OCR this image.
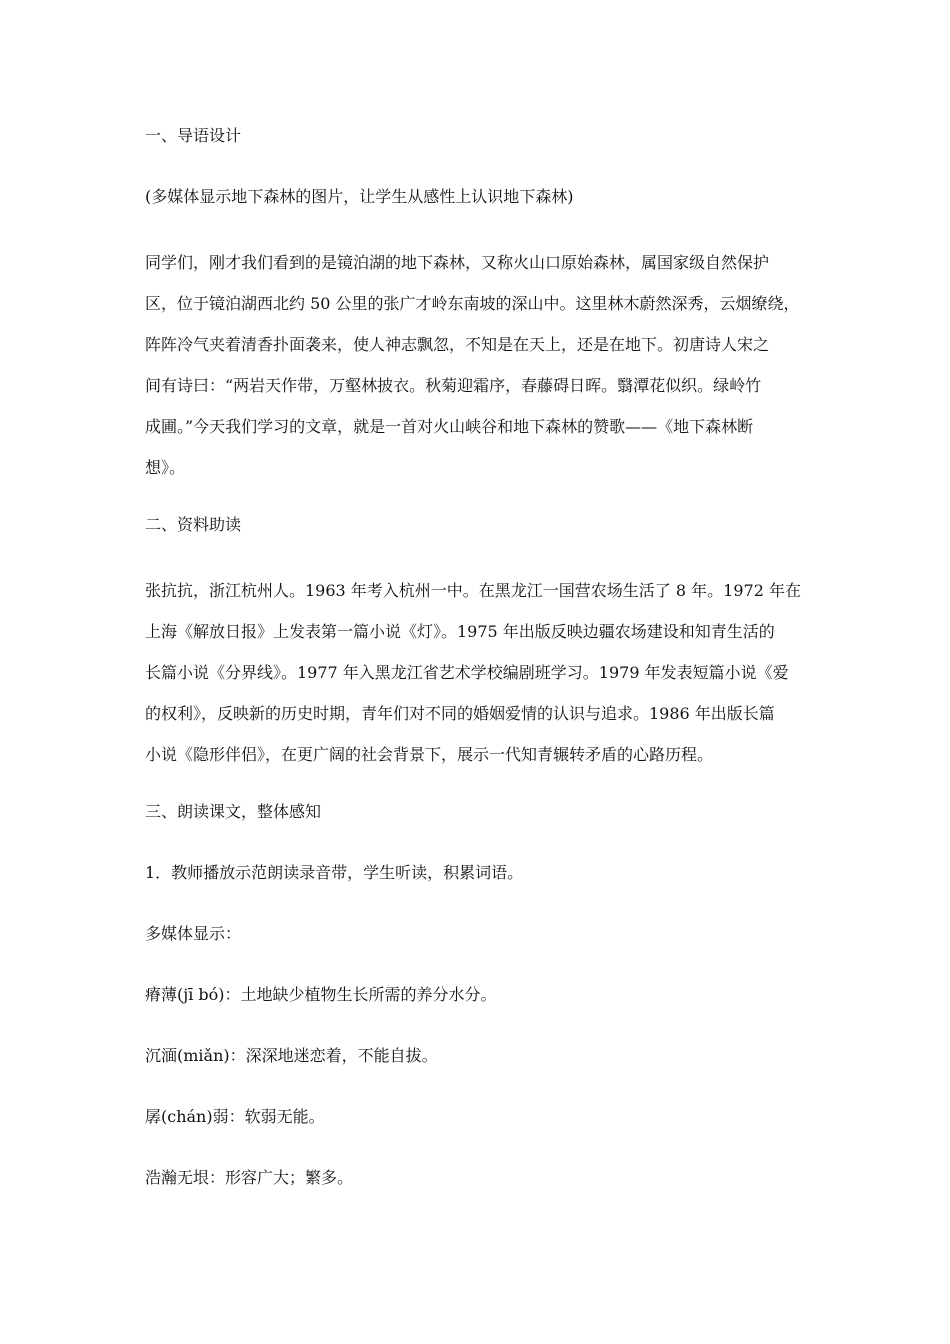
一、导语设计
(多媒体显示地下森林的图片，让学生从感性上认识地下森林)
同学们，刚才我们看到的是镜泊湖的地下森林，又称火山口原始森林，属国家级自然保护
区，位于镜泊湖西北约 50 公里的张广才岭东南坡的深山中。这里林木蔚然深秀，云烟缭绕，
阵阵冷气夹着清香扑面袭来，使人神志飘忽，不知是在天上，还是在地下。初唐诗人宋之
间有诗曰：“两岩天作带，万壑林披衣。秋菊迎霜序，春藤碍日晖。翳潭花似织。绿岭竹
成圃。”今天我们学习的文章，就是一首对火山峡谷和地下森林的赞歌——《地下森林断
想》。
二、资料助读
张抗抗，浙江杭州人。1963 年考入杭州一中。在黑龙江一国营农场生活了 8 年。1972 年在
上海《解放日报》上发表第一篇小说《灯》。1975 年出版反映边疆农场建设和知青生活的
长篇小说《分界线》。1977 年入黑龙江省艺术学校编剧班学习。1979 年发表短篇小说《爱
的权利》，反映新的历史时期，青年们对不同的婚姻爱情的认识与追求。1986 年出版长篇
小说《隐形伴侣》，在更广阔的社会背景下，展示一代知青辗转矛盾的心路历程。
三、朗读课文，整体感知
1．教师播放示范朗读录音带，学生听读，积累词语。
多媒体显示：
瘠薄(jī bó)：土地缺少植物生长所需的养分水分。
沉湎(miǎn)：深深地迷恋着，不能自拔。
孱(chán)弱：软弱无能。
浩瀚无垠：形容广大；繁多。
